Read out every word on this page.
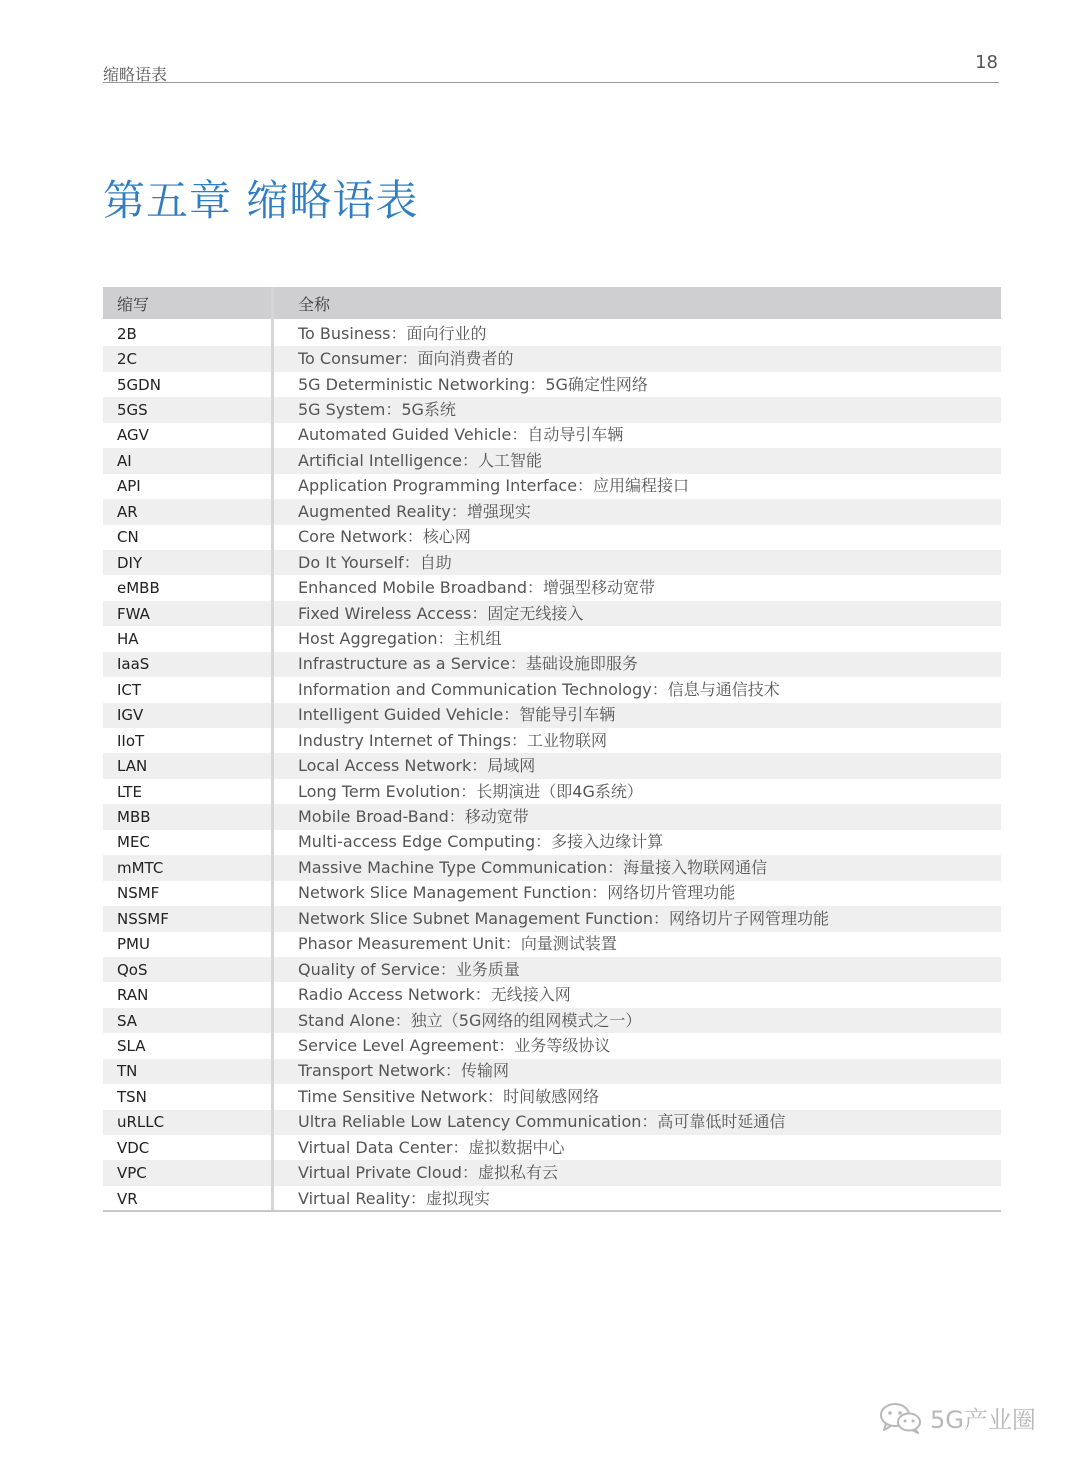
缩略语表
18
第五章 缩略语表
缩写	全称
2B	To Business：面向行业的
2C	To Consumer：面向消费者的
5GDN	5G Deterministic Networking：5G确定性网络
5GS	5G System：5G系统
AGV	Automated Guided Vehicle：自动导引车辆
AI	Artificial Intelligence：人工智能
API	Application Programming Interface：应用编程接口
AR	Augmented Reality：增强现实
CN	Core Network：核心网
DIY	Do It Yourself：自助
eMBB	Enhanced Mobile Broadband：增强型移动宽带
FWA	Fixed Wireless Access：固定无线接入
HA	Host Aggregation：主机组
IaaS	Infrastructure as a Service：基础设施即服务
ICT	Information and Communication Technology：信息与通信技术
IGV	Intelligent Guided Vehicle：智能导引车辆
IIoT	Industry Internet of Things：工业物联网
LAN	Local Access Network：局域网
LTE	Long Term Evolution：长期演进（即4G系统）
MBB	Mobile Broad-Band：移动宽带
MEC	Multi-access Edge Computing：多接入边缘计算
mMTC	Massive Machine Type Communication：海量接入物联网通信
NSMF	Network Slice Management Function：网络切片管理功能
NSSMF	Network Slice Subnet Management Function：网络切片子网管理功能
PMU	Phasor Measurement Unit：向量测试装置
QoS	Quality of Service：业务质量
RAN	Radio Access Network：无线接入网
SA	Stand Alone：独立（5G网络的组网模式之一）
SLA	Service Level Agreement：业务等级协议
TN	Transport Network：传输网
TSN	Time Sensitive Network：时间敏感网络
uRLLC	Ultra Reliable Low Latency Communication：高可靠低时延通信
VDC	Virtual Data Center：虚拟数据中心
VPC	Virtual Private Cloud：虚拟私有云
VR	Virtual Reality：虚拟现实
5G产业圈
